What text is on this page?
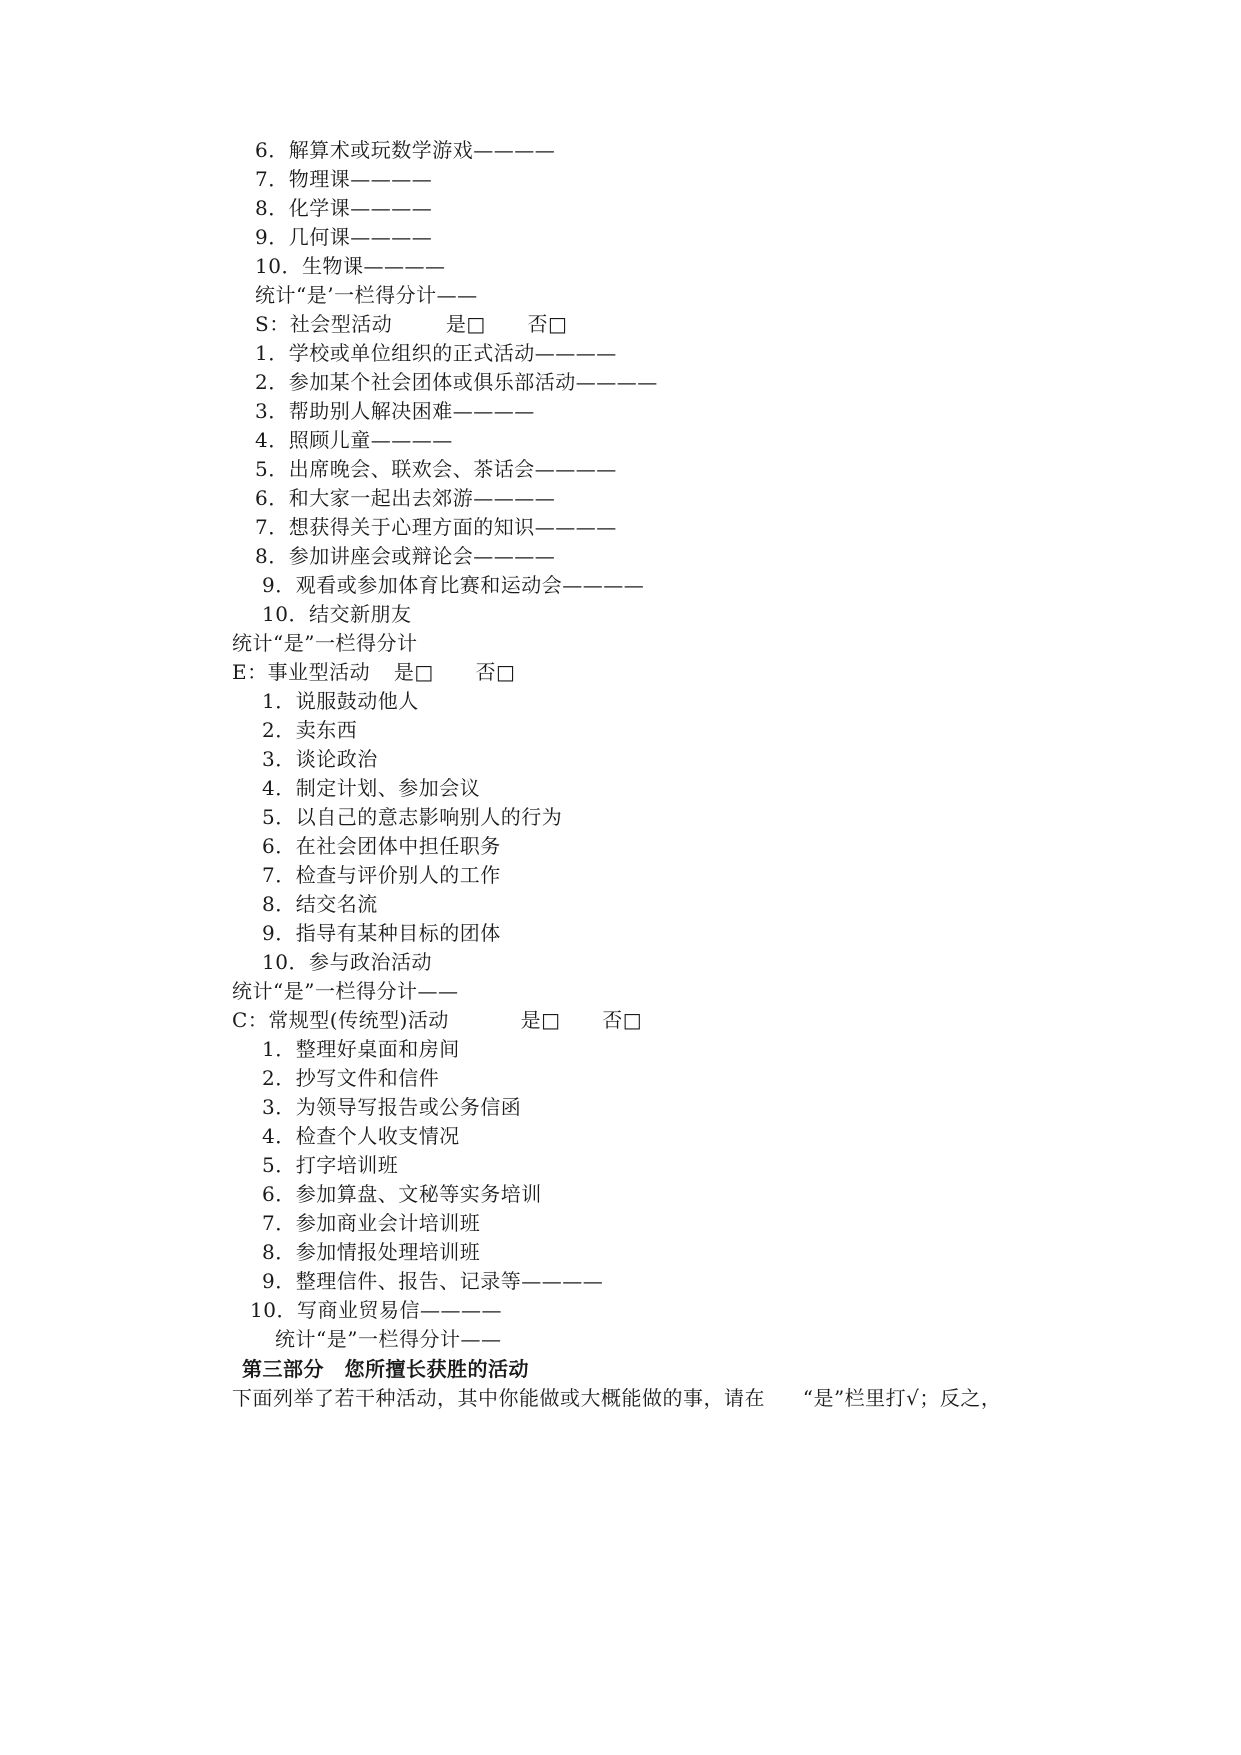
6．解算术或玩数学游戏————
7．物理课————
8．化学课————
9．几何课————
10．生物课————
统计“是’一栏得分计——
S：社会型活动	是□ 否□
1．学校或单位组织的正式活动————
2．参加某个社会团体或俱乐部活动————
3．帮助别人解决困难————
4．照顾儿童————
5．出席晚会、联欢会、茶话会————
6．和大家一起出去郊游————
7．想获得关于心理方面的知识————
8．参加讲座会或辩论会————
9．观看或参加体育比赛和运动会————
10．结交新朋友
统计“是”一栏得分计
E：事业型活动 是□ 否□
1．说服鼓动他人
2．卖东西
3．谈论政治
4．制定计划、参加会议
5．以自己的意志影响别人的行为
6．在社会团体中担任职务
7．检查与评价别人的工作
8．结交名流
9．指导有某种目标的团体
10．参与政治活动
统计“是”一栏得分计——
C：常规型(传统型)活动	是□ 否□
1．整理好桌面和房间
2．抄写文件和信件
3．为领导写报告或公务信函
4．检查个人收支情况
5．打字培训班
6．参加算盘、文秘等实务培训
7．参加商业会计培训班
8．参加情报处理培训班
9．整理信件、报告、记录等————
10．写商业贸易信————
统计“是”一栏得分计——
第三部分　您所擅长获胜的活动
下面列举了若干种活动，其中你能做或大概能做的事，请在 “是”栏里打√；反之，
